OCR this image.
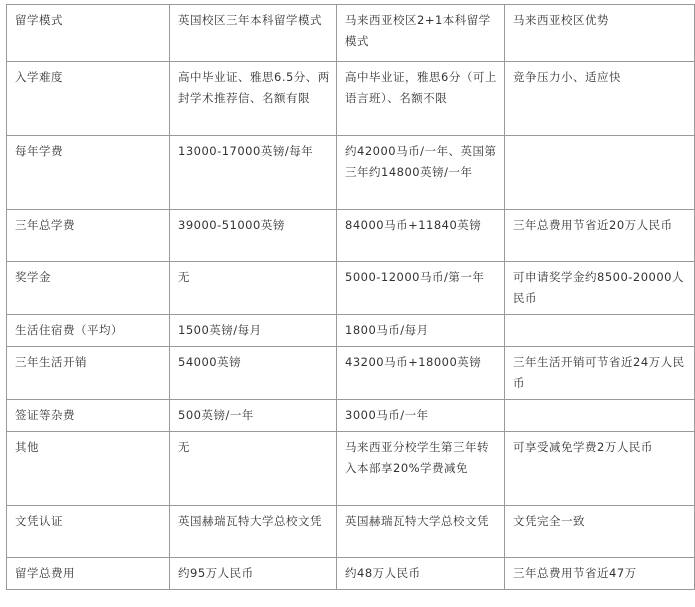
留学模式	英国校区三年本科留学模式	马来西亚校区2+1本科留学模式	马来西亚校区优势
入学难度	高中毕业证、雅思6.5分、两封学术推荐信、名额有限	高中毕业证，雅思6分（可上语言班）、名额不限	竞争压力小、适应快
每年学费	13000-17000英镑/每年	约42000马币/一年、英国第三年约14800英镑/一年	
三年总学费	39000-51000英镑	84000马币+11840英镑	三年总费用节省近20万人民币
奖学金	无	5000-12000马币/第一年	可申请奖学金约8500-20000人民币
生活住宿费（平均）	1500英镑/每月	1800马币/每月	
三年生活开销	54000英镑	43200马币+18000英镑	三年生活开销可节省近24万人民币
签证等杂费	500英镑/一年	3000马币/一年	
其他	无	马来西亚分校学生第三年转入本部享20%学费减免	可享受减免学费2万人民币
文凭认证	英国赫瑞瓦特大学总校文凭	英国赫瑞瓦特大学总校文凭	文凭完全一致
留学总费用	约95万人民币	约48万人民币	三年总费用节省近47万
